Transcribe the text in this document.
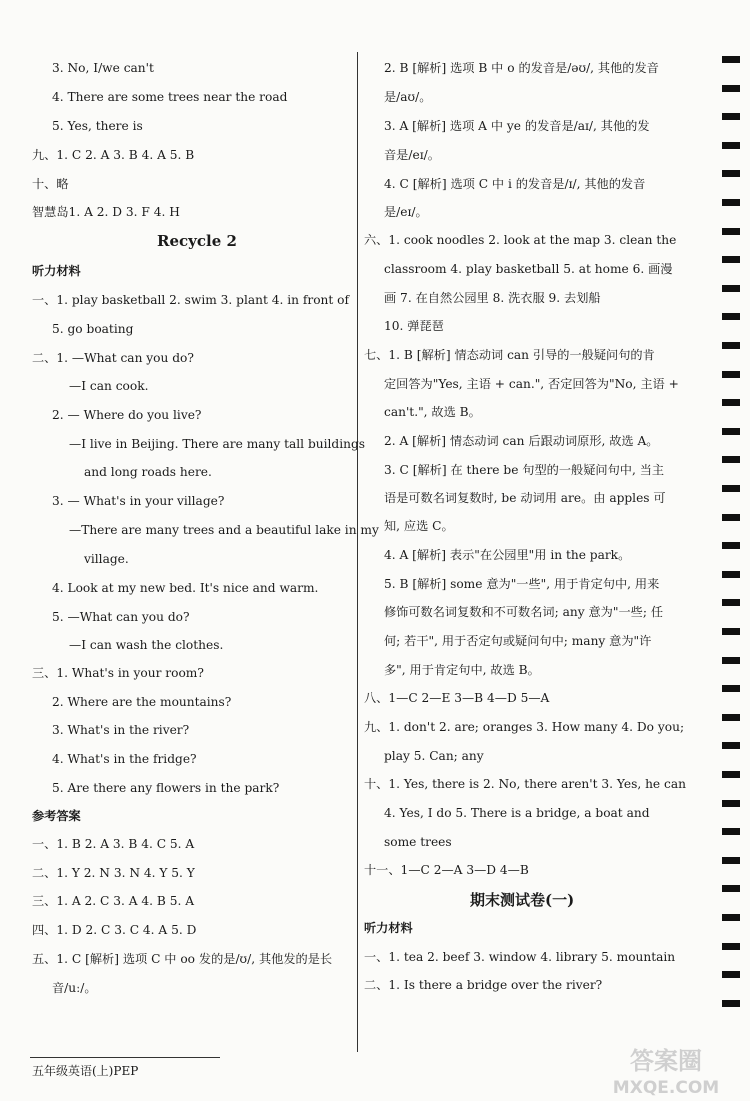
3. No, I/we can't
4. There are some trees near the road
5. Yes, there is
九、1. C 2. A 3. B 4. A 5. B
十、略
智慧岛1. A 2. D 3. F 4. H
Recycle 2
听力材料
一、1. play basketball 2. swim 3. plant 4. in front of
5. go boating
二、1. —What can you do?
—I can cook.
2. — Where do you live?
—I live in Beijing. There are many tall buildings
and long roads here.
3. — What's in your village?
—There are many trees and a beautiful lake in my
village.
4. Look at my new bed. It's nice and warm.
5. —What can you do?
—I can wash the clothes.
三、1. What's in your room?
2. Where are the mountains?
3. What's in the river?
4. What's in the fridge?
5. Are there any flowers in the park?
参考答案
一、1. B 2. A 3. B 4. C 5. A
二、1. Y 2. N 3. N 4. Y 5. Y
三、1. A 2. C 3. A 4. B 5. A
四、1. D 2. C 3. C 4. A 5. D
五、1. C [解析] 选项 C 中 oo 发的是/ʊ/, 其他发的是长
音/uː/。
2. B [解析] 选项 B 中 o 的发音是/əʊ/, 其他的发音
是/aʊ/。
3. A [解析] 选项 A 中 ye 的发音是/aɪ/, 其他的发
音是/eɪ/。
4. C [解析] 选项 C 中 i 的发音是/ɪ/, 其他的发音
是/eɪ/。
六、1. cook noodles 2. look at the map 3. clean the
classroom 4. play basketball 5. at home 6. 画漫
画 7. 在自然公园里 8. 洗衣服 9. 去划船
10. 弹琵琶
七、1. B [解析] 情态动词 can 引导的一般疑问句的肯
定回答为"Yes, 主语 + can.", 否定回答为"No, 主语 +
can't.", 故选 B。
2. A [解析] 情态动词 can 后跟动词原形, 故选 A。
3. C [解析] 在 there be 句型的一般疑问句中, 当主
语是可数名词复数时, be 动词用 are。由 apples 可
知, 应选 C。
4. A [解析] 表示"在公园里"用 in the park。
5. B [解析] some 意为"一些", 用于肯定句中, 用来
修饰可数名词复数和不可数名词; any 意为"一些; 任
何; 若干", 用于否定句或疑问句中; many 意为"许
多", 用于肯定句中, 故选 B。
八、1—C 2—E 3—B 4—D 5—A
九、1. don't 2. are; oranges 3. How many 4. Do you;
play 5. Can; any
十、1. Yes, there is 2. No, there aren't 3. Yes, he can
4. Yes, I do 5. There is a bridge, a boat and
some trees
十一、1—C 2—A 3—D 4—B
期末测试卷(一)
听力材料
一、1. tea 2. beef 3. window 4. library 5. mountain
二、1. Is there a bridge over the river?
五年级英语(上)PEP	答案圈
MXQE.COM
